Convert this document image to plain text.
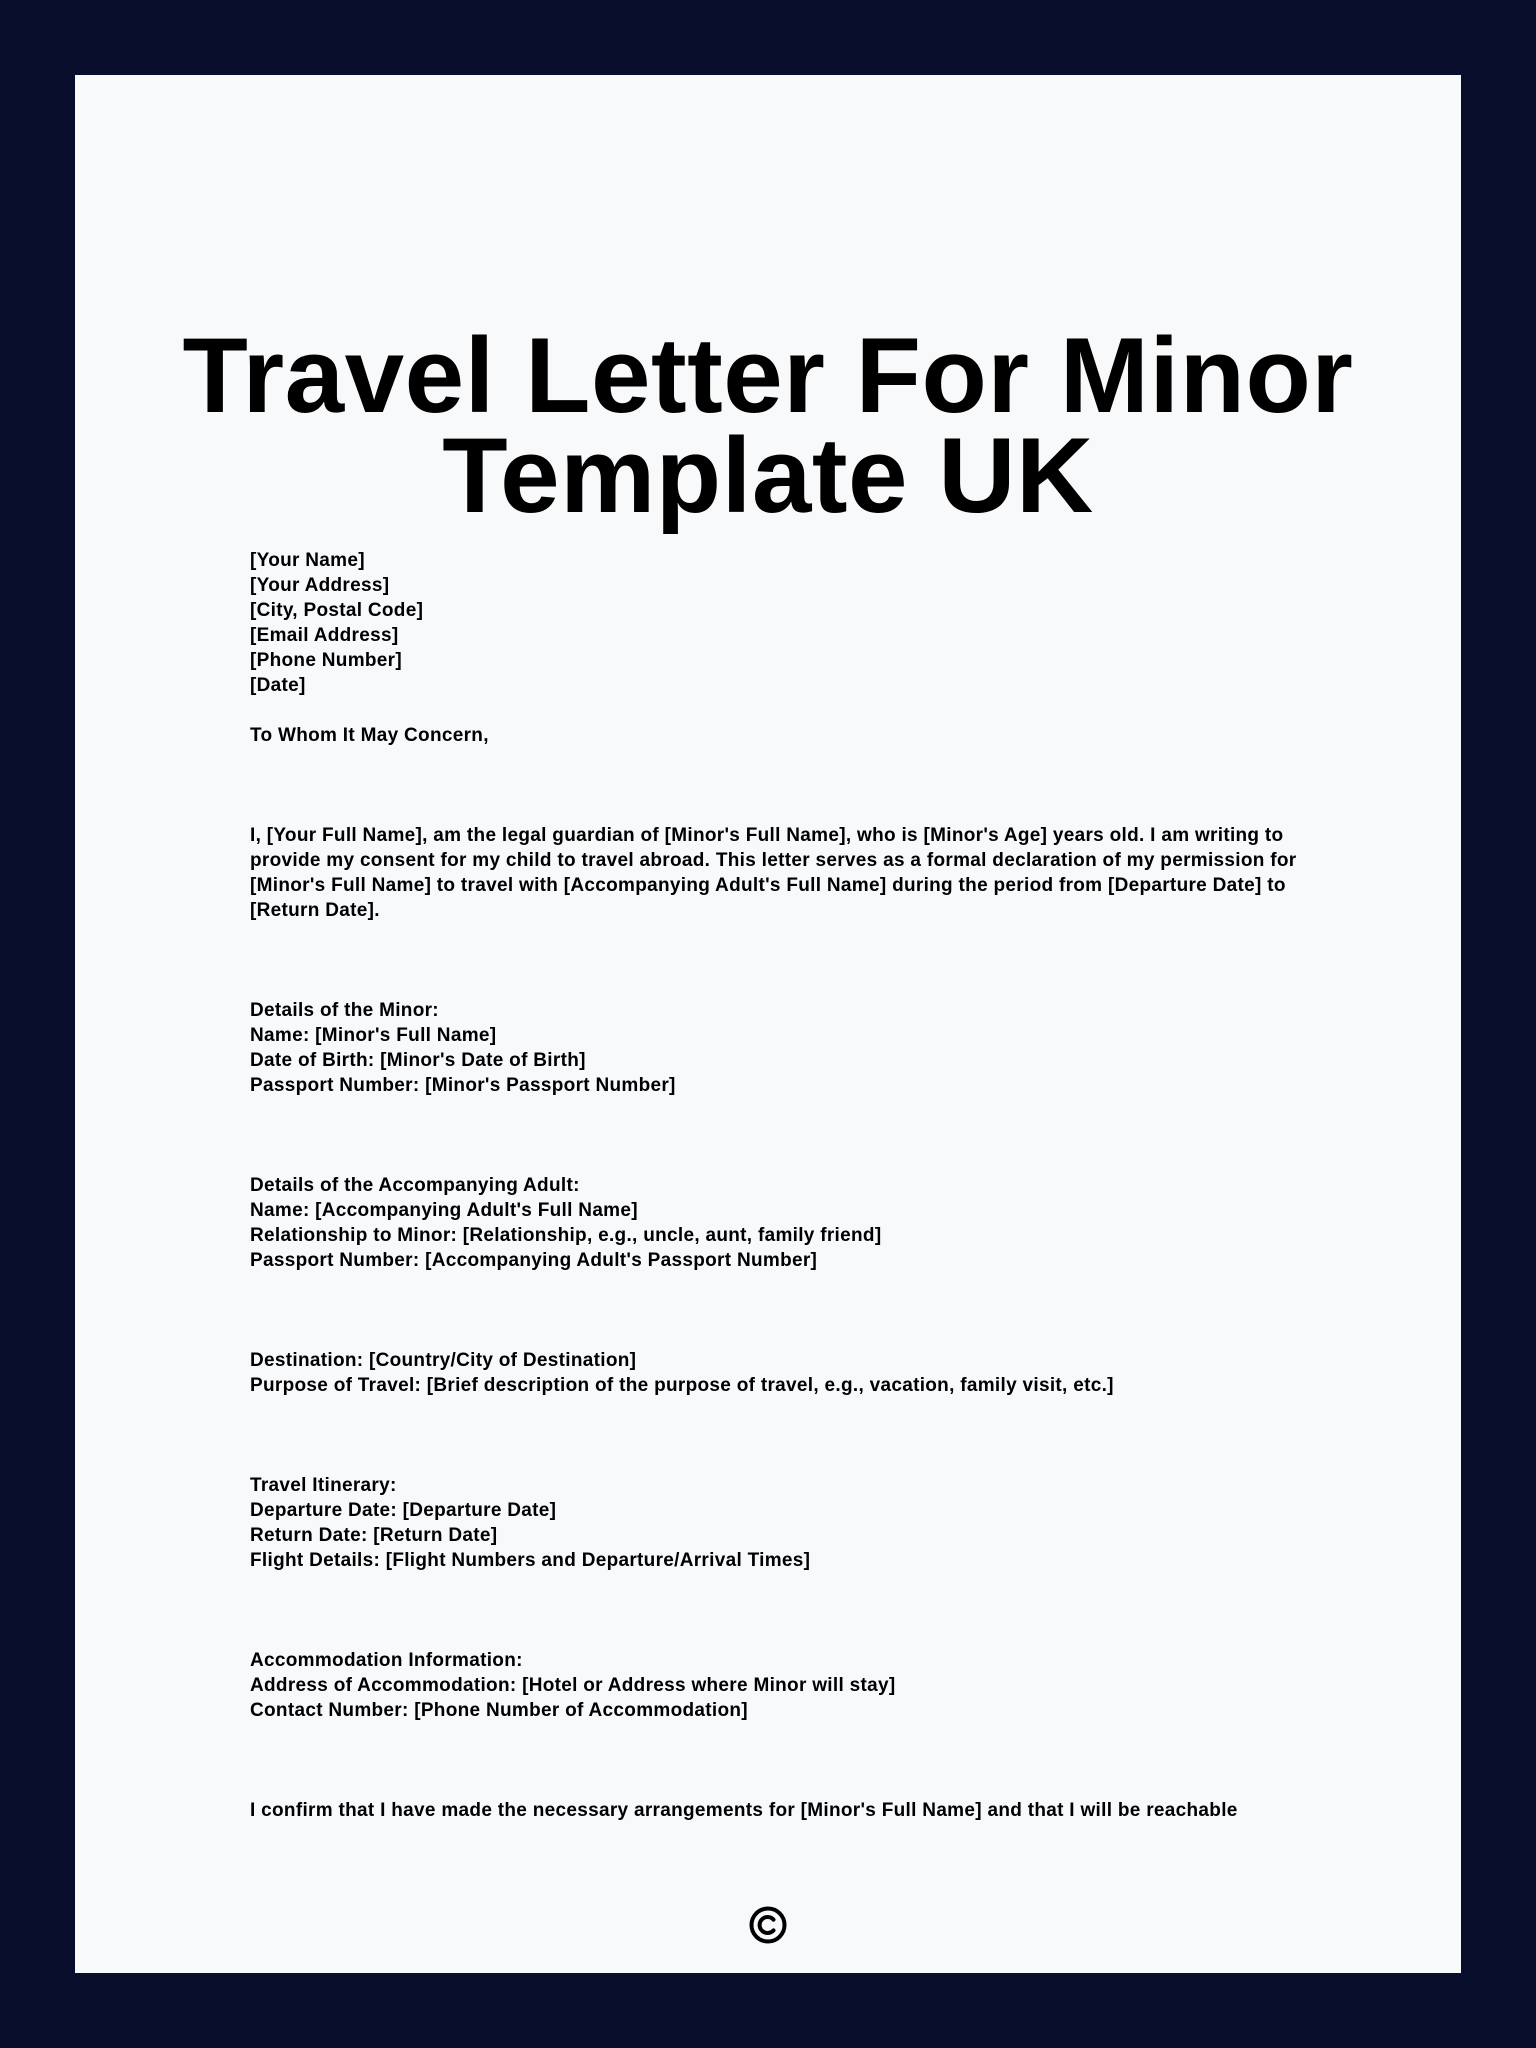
Travel Letter For Minor
Template UK
[Your Name]
[Your Address]
[City, Postal Code]
[Email Address]
[Phone Number]
[Date]
To Whom It May Concern,
I, [Your Full Name], am the legal guardian of [Minor's Full Name], who is [Minor's Age] years old. I am writing to provide my consent for my child to travel abroad. This letter serves as a formal declaration of my permission for [Minor's Full Name] to travel with [Accompanying Adult's Full Name] during the period from [Departure Date] to [Return Date].
Details of the Minor:
Name: [Minor's Full Name]
Date of Birth: [Minor's Date of Birth]
Passport Number: [Minor's Passport Number]
Details of the Accompanying Adult:
Name: [Accompanying Adult's Full Name]
Relationship to Minor: [Relationship, e.g., uncle, aunt, family friend]
Passport Number: [Accompanying Adult's Passport Number]
Destination: [Country/City of Destination]
Purpose of Travel: [Brief description of the purpose of travel, e.g., vacation, family visit, etc.]
Travel Itinerary:
Departure Date: [Departure Date]
Return Date: [Return Date]
Flight Details: [Flight Numbers and Departure/Arrival Times]
Accommodation Information:
Address of Accommodation: [Hotel or Address where Minor will stay]
Contact Number: [Phone Number of Accommodation]
I confirm that I have made the necessary arrangements for [Minor's Full Name] and that I will be reachable
